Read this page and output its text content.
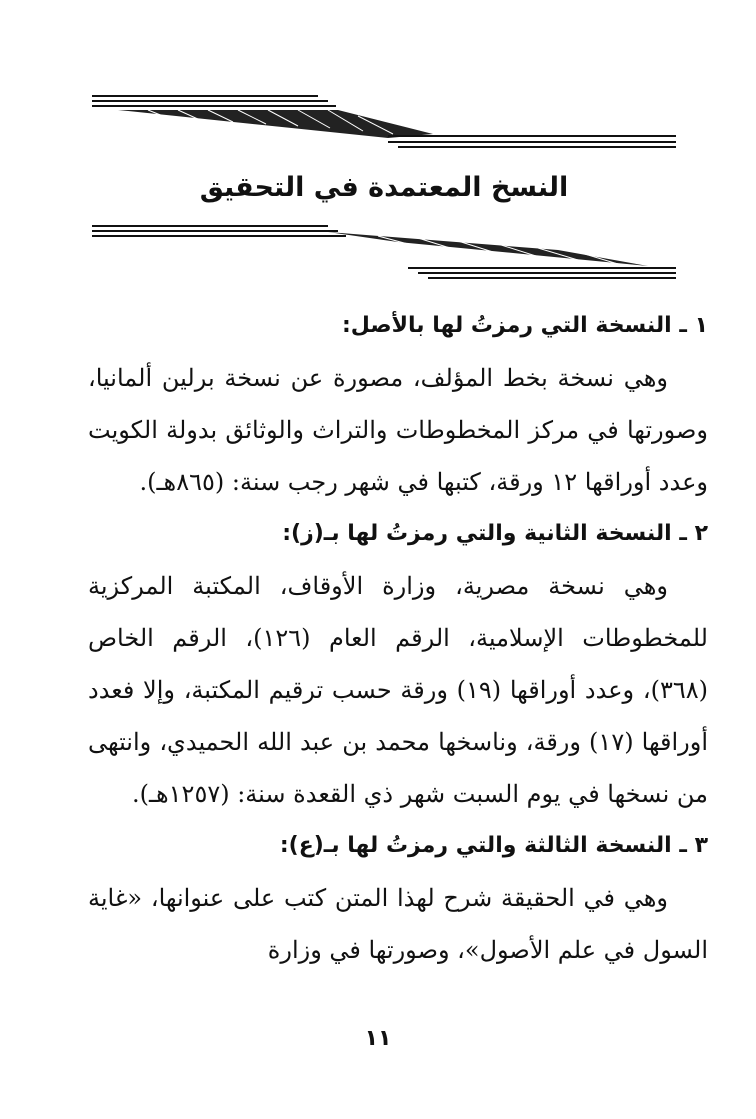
النسخ المعتمدة في التحقيق

١ ـ النسخة التي رمزتُ لها بالأصل:

وهي نسخة بخط المؤلف، مصورة عن نسخة برلين ألمانيا، وصورتها في مركز المخطوطات والتراث والوثائق بدولة الكويت وعدد أوراقها ١٢ ورقة، كتبها في شهر رجب سنة: (٨٦٥هـ).

٢ ـ النسخة الثانية والتي رمزتُ لها بـ(ز):

وهي نسخة مصرية، وزارة الأوقاف، المكتبة المركزية للمخطوطات الإسلامية، الرقم العام (١٢٦)، الرقم الخاص (٣٦٨)، وعدد أوراقها (١٩) ورقة حسب ترقيم المكتبة، وإلا فعدد أوراقها (١٧) ورقة، وناسخها محمد بن عبد الله الحميدي، وانتهى من نسخها في يوم السبت شهر ذي القعدة سنة: (١٢٥٧هـ).

٣ ـ النسخة الثالثة والتي رمزتُ لها بـ(ع):

وهي في الحقيقة شرح لهذا المتن كتب على عنوانها، «غاية السول في علم الأصول»، وصورتها في وزارة

١١
